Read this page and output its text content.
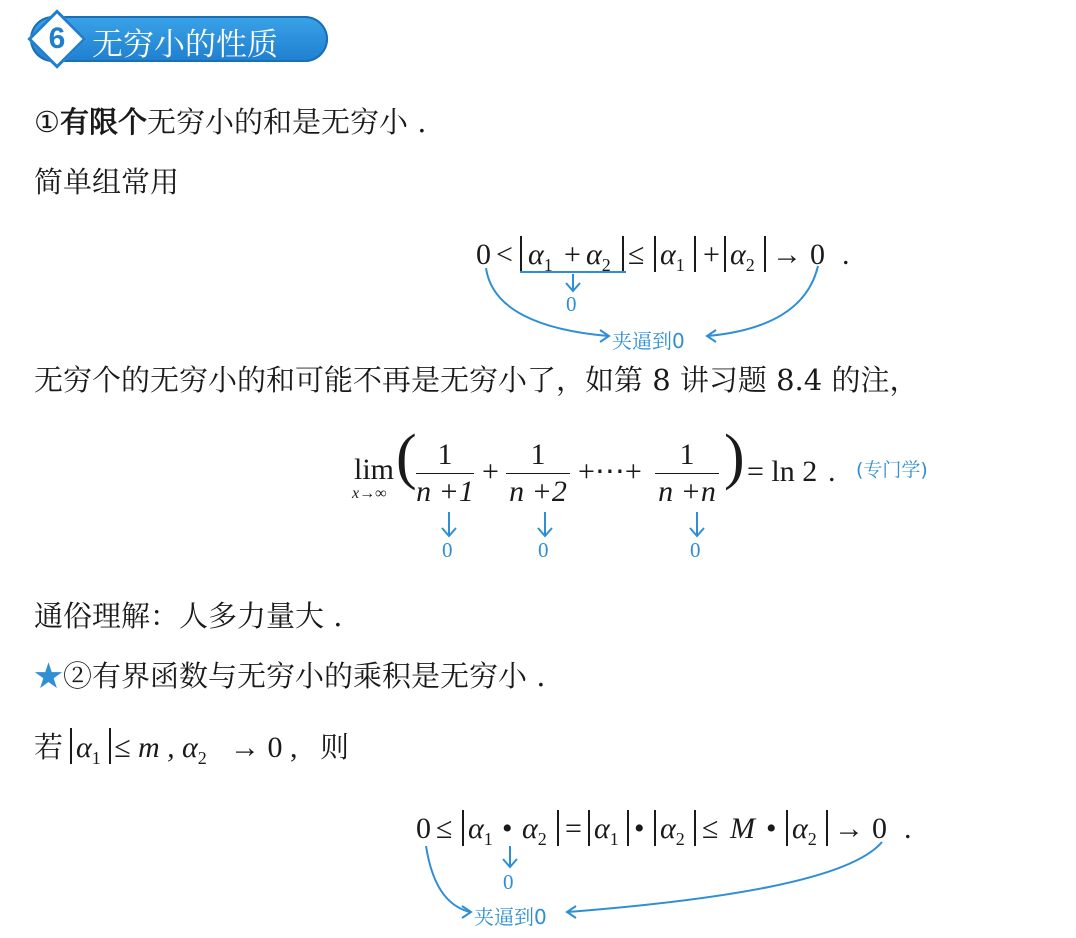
6 无穷小的性质
①有限个无穷小的和是无穷小 .
简单组常用
$0 < \alpha_1 + \alpha_2 \le \alpha_1 + \alpha_2 \to 0$ .
0
夹逼到0
无穷个的无穷小的和可能不再是无穷小了，如第 8 讲习题 8.4 的注，
lim
x→∞
( 1
n +1
+
1
n +2
+⋯+
1
n +n
) = ln 2 . (专门学)
0	0	0
通俗理解：人多力量大 .
★②有界函数与无穷小的乘积是无穷小 .
若 $\alpha_1 \le m$ , $\alpha_2 \to 0$ , 则
$0 \le \alpha_1$ • $\alpha_2 = \alpha_1$ • $\alpha_2 \le M$ • $\alpha_2 \to 0$ .
0
夹逼到0
